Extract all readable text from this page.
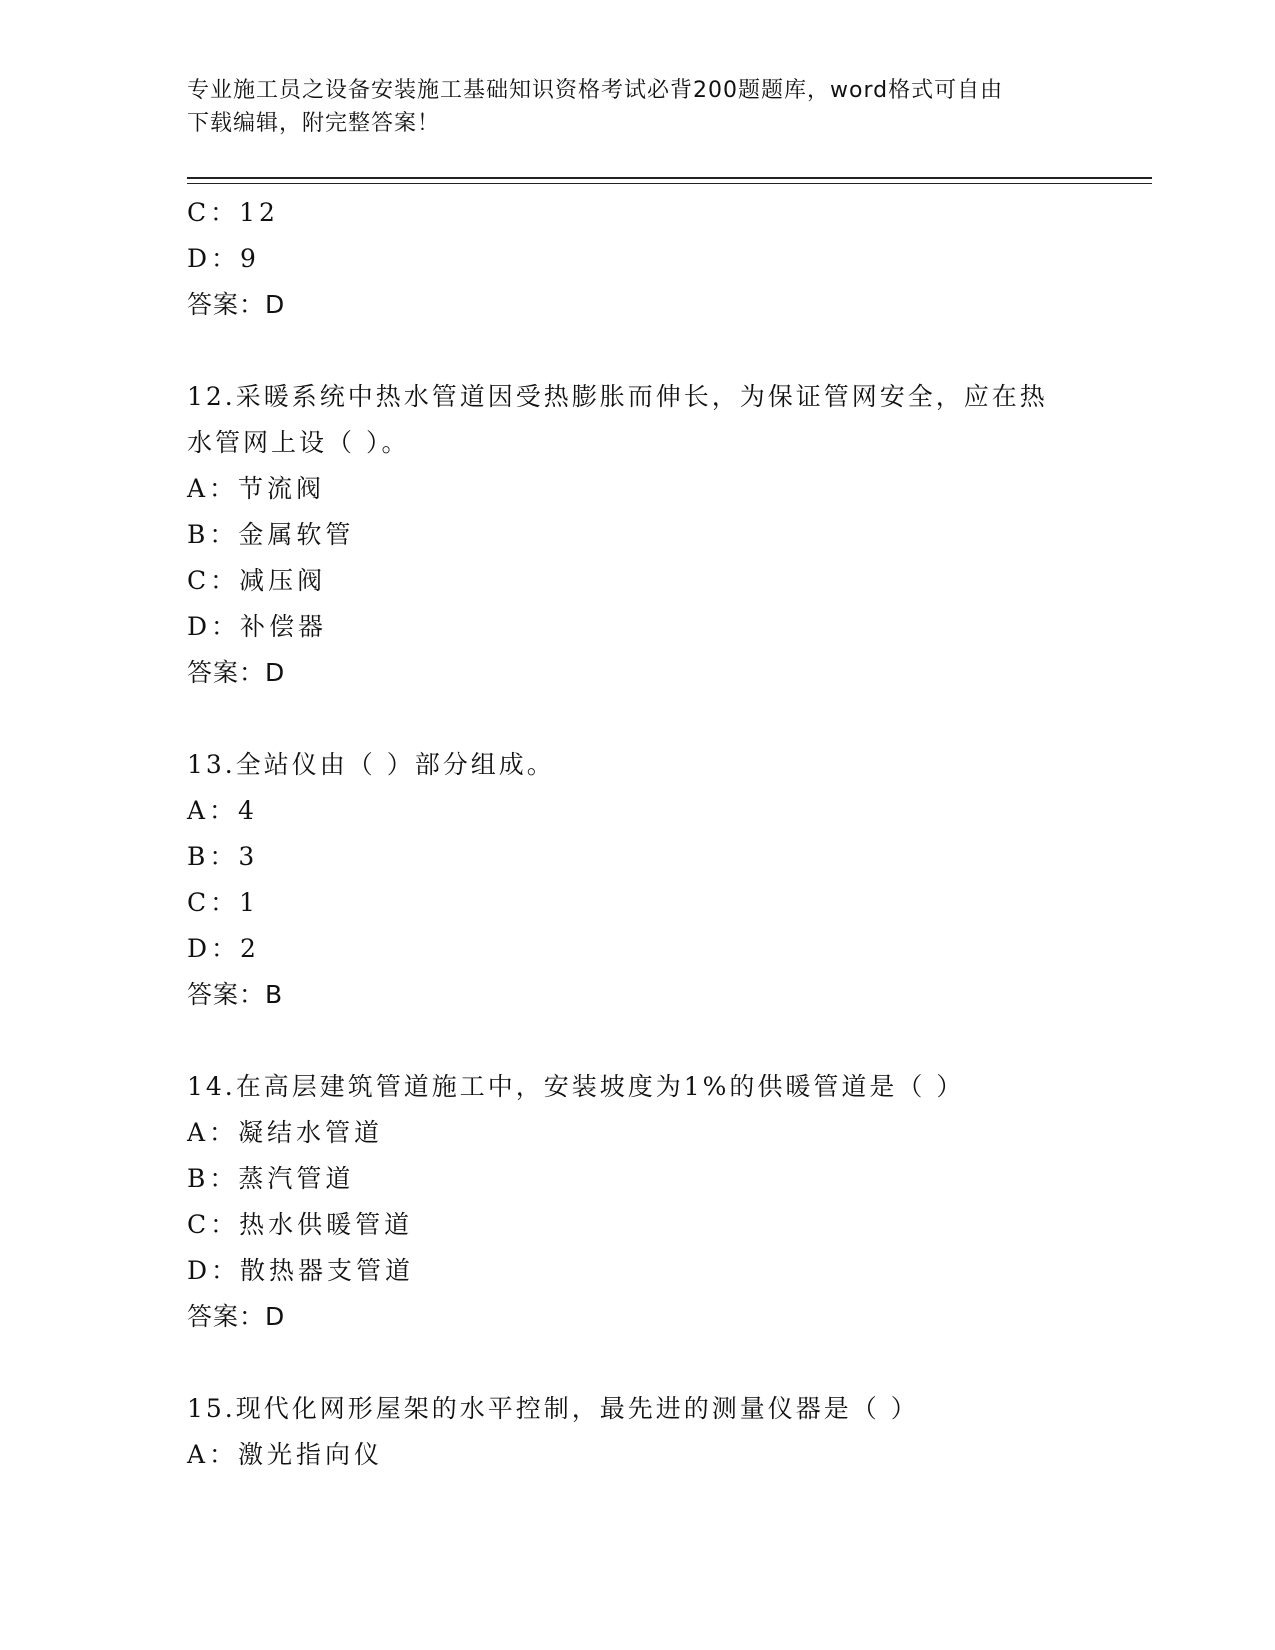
专业施工员之设备安装施工基础知识资格考试必背200题题库，word格式可自由
下载编辑，附完整答案！
C：12
D：9
答案：D
12.采暖系统中热水管道因受热膨胀而伸长，为保证管网安全，应在热
水管网上设（ ）。
A：节流阀
B：金属软管
C：减压阀
D：补偿器
答案：D
13.全站仪由（ ）部分组成。
A：4
B：3
C：1
D：2
答案：B
14.在高层建筑管道施工中，安装坡度为1%的供暖管道是（ ）
A：凝结水管道
B：蒸汽管道
C：热水供暖管道
D：散热器支管道
答案：D
15.现代化网形屋架的水平控制，最先进的测量仪器是（ ）
A：激光指向仪
